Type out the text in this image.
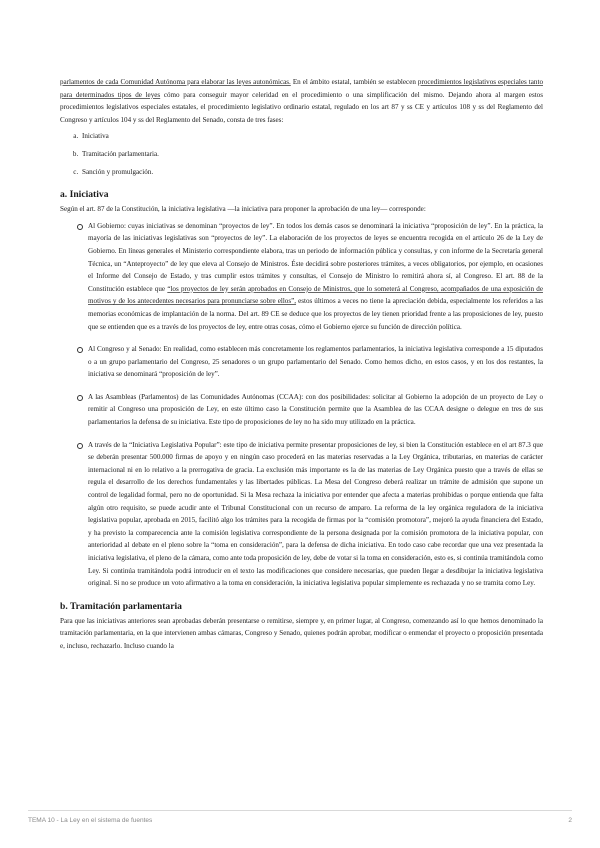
parlamentos de cada Comunidad Autónoma para elaborar las leyes autonómicas. En el ámbito estatal, también se establecen procedimientos legislativos especiales tanto para determinados tipos de leyes cómo para conseguir mayor celeridad en el procedimiento o una simplificación del mismo. Dejando ahora al margen estos procedimientos legislativos especiales estatales, el procedimiento legislativo ordinario estatal, regulado en los art 87 y ss CE y artículos 108 y ss del Reglamento del Congreso y artículos 104 y ss del Reglamento del Senado, consta de tres fases:

a. Iniciativa
b. Tramitación parlamentaria.
c. Sanción y promulgación.
a. Iniciativa

Según el art. 87 de la Constitución, la iniciativa legislativa —la iniciativa para proponer la aprobación de una ley— corresponde:

Al Gobierno: cuyas iniciativas se denominan “proyectos de ley”. En todos los demás casos se denominará la iniciativa “proposición de ley”. En la práctica, la mayoría de las iniciativas legislativas son “proyectos de ley”. La elaboración de los proyectos de leyes se encuentra recogida en el artículo 26 de la Ley de Gobierno. En líneas generales el Ministerio correspondiente elabora, tras un periodo de información pública y consultas, y con informe de la Secretaría general Técnica, un “Anteproyecto” de ley que eleva al Consejo de Ministros. Éste decidirá sobre posteriores trámites, a veces obligatorios, por ejemplo, en ocasiones el Informe del Consejo de Estado, y tras cumplir estos trámites y consultas, el Consejo de Ministro lo remitirá ahora sí, al Congreso. El art. 88 de la Constitución establece que “los proyectos de ley serán aprobados en Consejo de Ministros, que lo someterá al Congreso, acompañados de una exposición de motivos y de los antecedentes necesarios para pronunciarse sobre ellos”, estos últimos a veces no tiene la apreciación debida, especialmente los referidos a las memorias económicas de implantación de la norma. Del art. 89 CE se deduce que los proyectos de ley tienen prioridad frente a las proposiciones de ley, puesto que se entienden que es a través de los proyectos de ley, entre otras cosas, cómo el Gobierno ejerce su función de dirección política.
Al Congreso y al Senado: En realidad, como establecen más concretamente los reglamentos parlamentarios, la iniciativa legislativa corresponde a 15 diputados o a un grupo parlamentario del Congreso, 25 senadores o un grupo parlamentario del Senado. Como hemos dicho, en estos casos, y en los dos restantes, la iniciativa se denominará “proposición de ley”.
A las Asambleas (Parlamentos) de las Comunidades Autónomas (CCAA): con dos posibilidades: solicitar al Gobierno la adopción de un proyecto de Ley o remitir al Congreso una proposición de Ley, en este último caso la Constitución permite que la Asamblea de las CCAA designe o delegue en tres de sus parlamentarios la defensa de su iniciativa. Este tipo de proposiciones de ley no ha sido muy utilizado en la práctica.
A través de la “Iniciativa Legislativa Popular”: este tipo de iniciativa permite presentar proposiciones de ley, si bien la Constitución establece en el art 87.3 que se deberán presentar 500.000 firmas de apoyo y en ningún caso procederá en las materias reservadas a la Ley Orgánica, tributarias, en materias de carácter internacional ni en lo relativo a la prerrogativa de gracia. La exclusión más importante es la de las materias de Ley Orgánica puesto que a través de ellas se regula el desarrollo de los derechos fundamentales y las libertades públicas. La Mesa del Congreso deberá realizar un trámite de admisión que supone un control de legalidad formal, pero no de oportunidad. Si la Mesa rechaza la iniciativa por entender que afecta a materias prohibidas o porque entienda que falta algún otro requisito, se puede acudir ante el Tribunal Constitucional con un recurso de amparo. La reforma de la ley orgánica reguladora de la iniciativa legislativa popular, aprobada en 2015, facilitó algo los trámites para la recogida de firmas por la “comisión promotora”, mejoró la ayuda financiera del Estado, y ha previsto la comparecencia ante la comisión legislativa correspondiente de la persona designada por la comisión promotora de la iniciativa popular, con anterioridad al debate en el pleno sobre la “toma en consideración”, para la defensa de dicha iniciativa. En todo caso cabe recordar que una vez presentada la iniciativa legislativa, el pleno de la cámara, como ante toda proposición de ley, debe de votar si la toma en consideración, esto es, si continúa tramitándola como Ley. Si continúa tramitándola podrá introducir en el texto las modificaciones que considere necesarias, que pueden llegar a desdibujar la iniciativa legislativa original. Si no se produce un voto afirmativo a la toma en consideración, la iniciativa legislativa popular simplemente es rechazada y no se tramita como Ley.
b. Tramitación parlamentaria

Para que las iniciativas anteriores sean aprobadas deberán presentarse o remitirse, siempre y, en primer lugar, al Congreso, comenzando así lo que hemos denominado la tramitación parlamentaria, en la que intervienen ambas cámaras, Congreso y Senado, quienes podrán aprobar, modificar o enmendar el proyecto o proposición presentada e, incluso, rechazarlo. Incluso cuando la

TEMA 10 - La Ley en el sistema de fuentes	2
